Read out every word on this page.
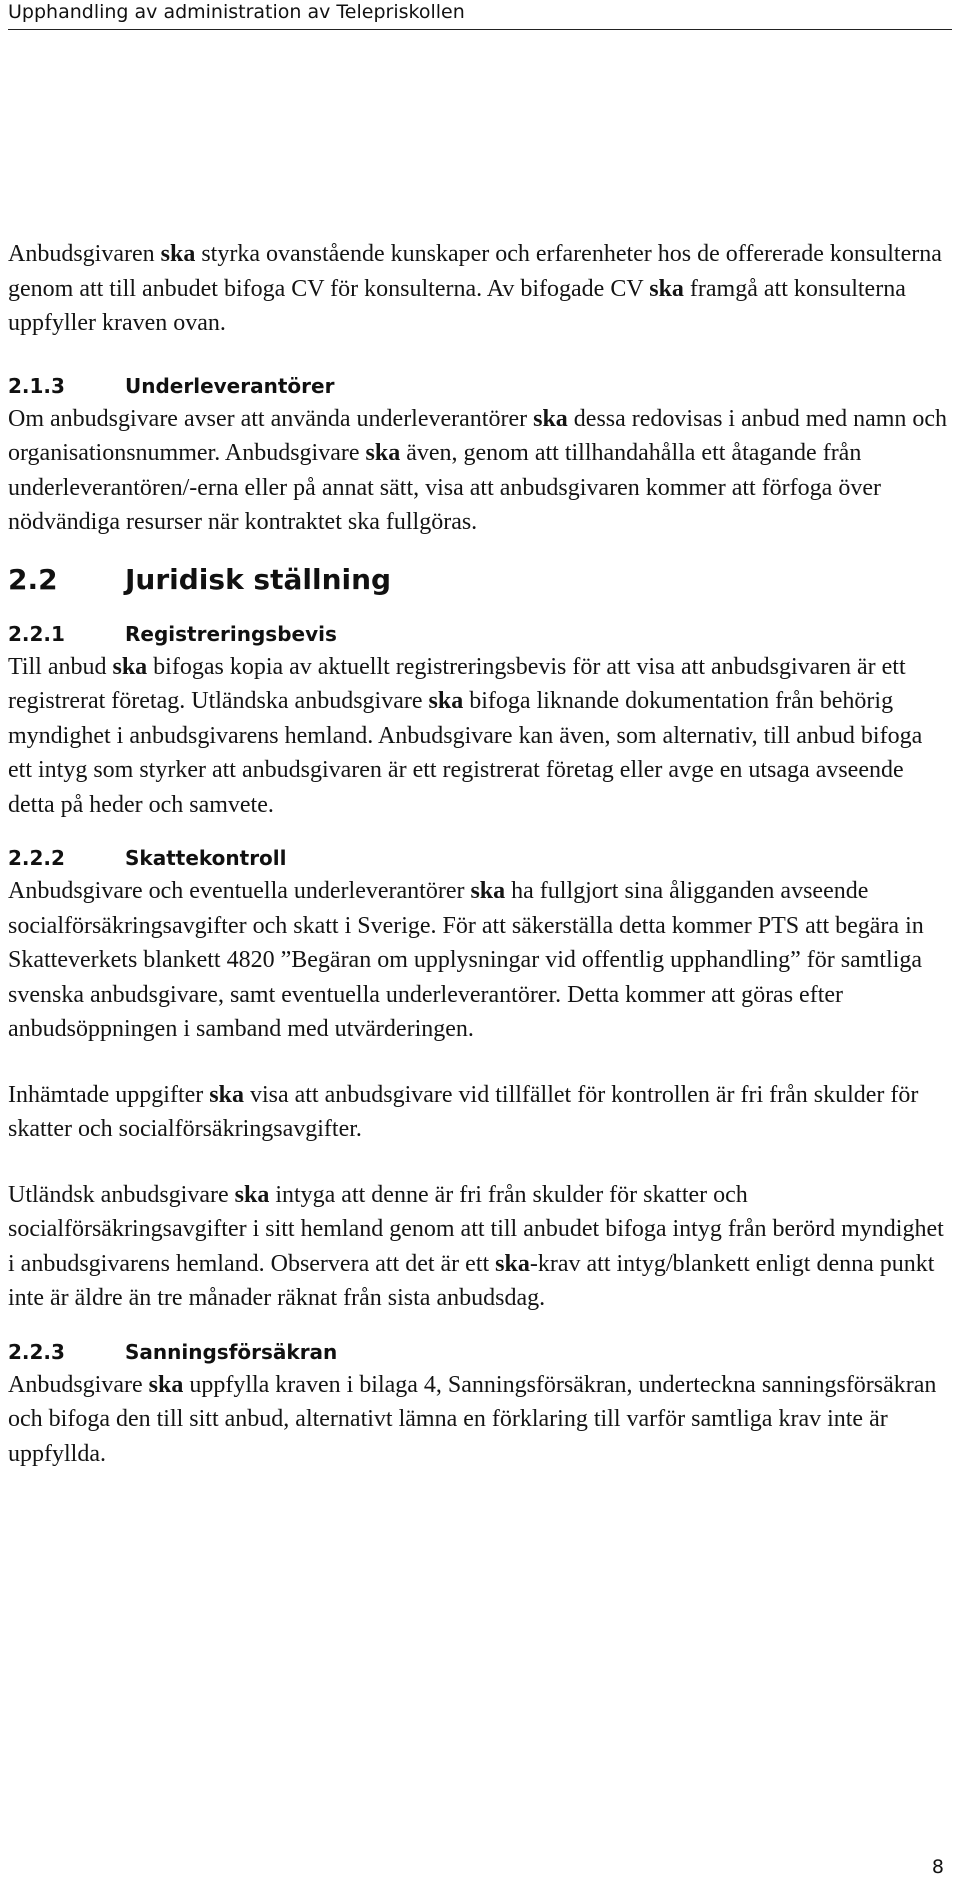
Upphandling av administration av Telepriskollen

Anbudsgivaren ska styrka ovanstående kunskaper och erfarenheter hos de offererade konsulterna genom att till anbudet bifoga CV för konsulterna. Av bifogade CV ska framgå att konsulterna uppfyller kraven ovan.

2.1.3	Underleverantörer

Om anbudsgivare avser att använda underleverantörer ska dessa redovisas i anbud med namn och organisationsnummer. Anbudsgivare ska även, genom att tillhandahålla ett åtagande från underleverantören/-erna eller på annat sätt, visa att anbudsgivaren kommer att förfoga över nödvändiga resurser när kontraktet ska fullgöras.

2.2 Juridisk ställning
2.2.1	Registreringsbevis

Till anbud ska bifogas kopia av aktuellt registreringsbevis för att visa att anbudsgivaren är ett registrerat företag. Utländska anbudsgivare ska bifoga liknande dokumentation från behörig myndighet i anbudsgivarens hemland. Anbudsgivare kan även, som alternativ, till anbud bifoga ett intyg som styrker att anbudsgivaren är ett registrerat företag eller avge en utsaga avseende detta på heder och samvete.

2.2.2	Skattekontroll

Anbudsgivare och eventuella underleverantörer ska ha fullgjort sina åligganden avseende socialförsäkringsavgifter och skatt i Sverige. För att säkerställa detta kommer PTS att begära in Skatteverkets blankett 4820 ”Begäran om upplysningar vid offentlig upphandling” för samtliga svenska anbudsgivare, samt eventuella underleverantörer. Detta kommer att göras efter anbudsöppningen i samband med utvärderingen.

Inhämtade uppgifter ska visa att anbudsgivare vid tillfället för kontrollen är fri från skulder för skatter och socialförsäkringsavgifter.

Utländsk anbudsgivare ska intyga att denne är fri från skulder för skatter och socialförsäkringsavgifter i sitt hemland genom att till anbudet bifoga intyg från berörd myndighet i anbudsgivarens hemland. Observera att det är ett ska-krav att intyg/blankett enligt denna punkt inte är äldre än tre månader räknat från sista anbudsdag.

2.2.3	Sanningsförsäkran

Anbudsgivare ska uppfylla kraven i bilaga 4, Sanningsförsäkran, underteckna sanningsförsäkran och bifoga den till sitt anbud, alternativt lämna en förklaring till varför samtliga krav inte är uppfyllda.

8
